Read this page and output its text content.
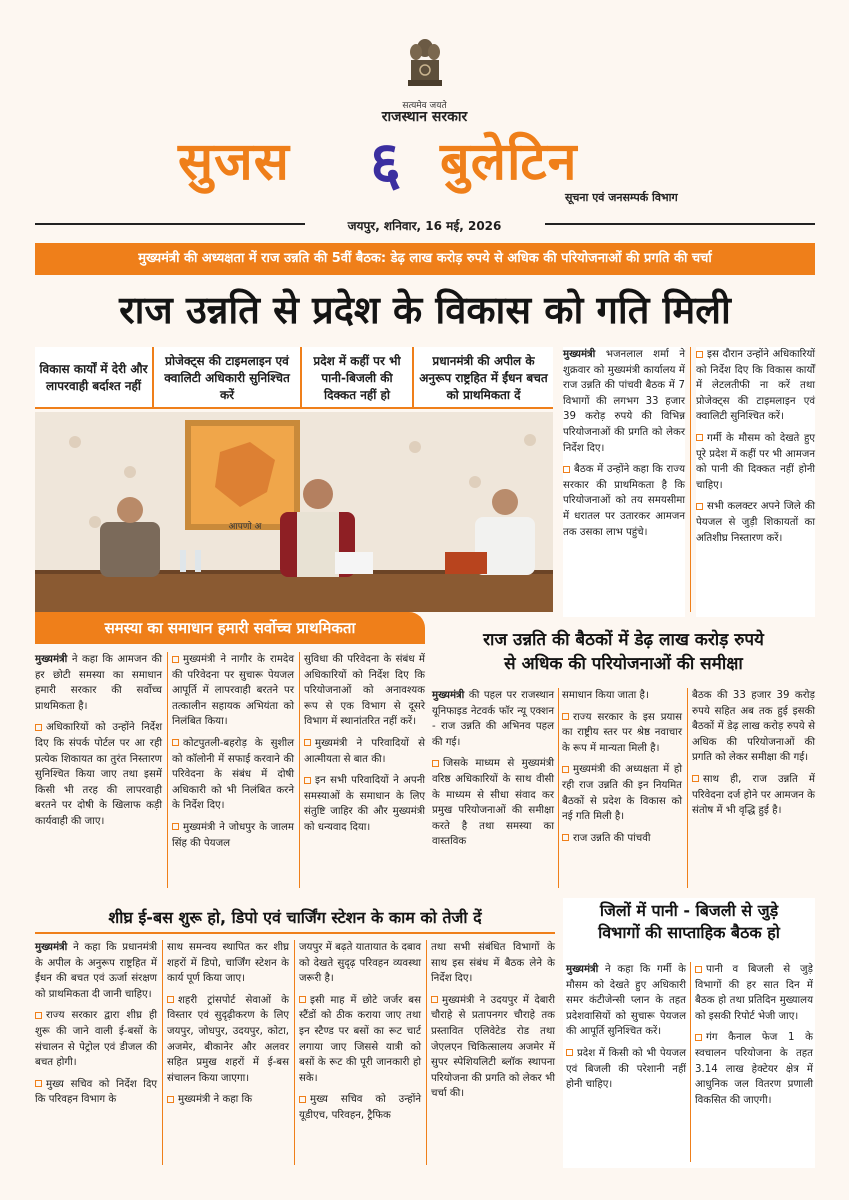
सत्यमेव जयते
राजस्थान सरकार
सुजस ६ बुलेटिन
सूचना एवं जनसम्पर्क विभाग
जयपुर, शनिवार, 16 मई, 2026
मुख्यमंत्री की अध्यक्षता में राज उन्नति की 5वीं बैठक: डेढ़ लाख करोड़ रुपये से अधिक की परियोजनाओं की प्रगति की चर्चा
राज उन्नति से प्रदेश के विकास को गति मिली
विकास कार्यों में देरी और लापरवाही बर्दाश्त नहीं
प्रोजेक्ट्स की टाइमलाइन एवं क्वालिटी अधिकारी सुनिश्चित करें
प्रदेश में कहीं पर भी पानी-बिजली की दिक्कत नहीं हो
प्रधानमंत्री की अपील के अनुरूप राष्ट्रहित में ईंधन बचत को प्राथमिकता दें
आपणो अ

मुख्यमंत्री भजनलाल शर्मा ने शुक्रवार को मुख्यमंत्री कार्यालय में राज उन्नति की पांचवी बैठक में 7 विभागों की लगभग 33 हजार 39 करोड़ रुपये की विभिन्न परियोजनाओं की प्रगति को लेकर निर्देश दिए।

बैठक में उन्होंने कहा कि राज्य सरकार की प्राथमिकता है कि परियोजनाओं को तय समयसीमा में धरातल पर उतारकर आमजन तक उसका लाभ पहुंचे।

इस दौरान उन्होंने अधिकारियों को निर्देश दिए कि विकास कार्यों में लेटलतीफी ना करें तथा प्रोजेक्ट्स की टाइमलाइन एवं क्वालिटी सुनिश्चित करें।

गर्मी के मौसम को देखते हुए पूरे प्रदेश में कहीं पर भी आमजन को पानी की दिक्कत नहीं होनी चाहिए।

सभी कलक्टर अपने जिले की पेयजल से जुड़ी शिकायतों का अतिशीघ्र निस्तारण करें।

समस्या का समाधान हमारी सर्वोच्च प्राथमिकता

मुख्यमंत्री ने कहा कि आमजन की हर छोटी समस्या का समाधान हमारी सरकार की सर्वोच्च प्राथमिकता है।

अधिकारियों को उन्होंने निर्देश दिए कि संपर्क पोर्टल पर आ रही प्रत्येक शिकायत का तुरंत निस्तारण सुनिश्चित किया जाए तथा इसमें किसी भी तरह की लापरवाही बरतने पर दोषी के खिलाफ कड़ी कार्यवाही की जाए।

मुख्यमंत्री ने नागौर के रामदेव की परिवेदना पर सुचारू पेयजल आपूर्ति में लापरवाही बरतने पर तत्कालीन सहायक अभियंता को निलंबित किया।

कोटपुतली-बहरोड़ के सुशील को कॉलोनी में सफाई करवाने की परिवेदना के संबंध में दोषी अधिकारी को भी निलंबित करने के निर्देश दिए।

मुख्यमंत्री ने जोधपुर के जालम सिंह की पेयजल

सुविधा की परिवेदना के संबंध में अधिकारियों को निर्देश दिए कि परियोजनाओं को अनावश्यक रूप से एक विभाग से दूसरे विभाग में स्थानांतरित नहीं करें।

मुख्यमंत्री ने परिवादियों से आत्मीयता से बात की।

इन सभी परिवादियों ने अपनी समस्याओं के समाधान के लिए संतुष्टि जाहिर की और मुख्यमंत्री को धन्यवाद दिया।

राज उन्नति की बैठकों में डेढ़ लाख करोड़ रुपये
से अधिक की परियोजनाओं की समीक्षा

मुख्यमंत्री की पहल पर राजस्थान यूनिफाइड नेटवर्क फॉर न्यू एक्शन - राज उन्नति की अभिनव पहल की गई।

जिसके माध्यम से मुख्यमंत्री वरिष्ठ अधिकारियों के साथ वीसी के माध्यम से सीधा संवाद कर प्रमुख परियोजनाओं की समीक्षा करते है तथा समस्या का वास्तविक

समाधान किया जाता है।

राज्य सरकार के इस प्रयास का राष्ट्रीय स्तर पर श्रेष्ठ नवाचार के रूप में मान्यता मिली है।

मुख्यमंत्री की अध्यक्षता में हो रही राज उन्नति की इन नियमित बैठकों से प्रदेश के विकास को नई गति मिली है।

राज उन्नति की पांचवी

बैठक की 33 हजार 39 करोड़ रुपये सहित अब तक हुई इसकी बैठकों में डेढ़ लाख करोड़ रुपये से अधिक की परियोजनाओं की प्रगति को लेकर समीक्षा की गई।

साथ ही, राज उन्नति में परिवेदना दर्ज होने पर आमजन के संतोष में भी वृद्धि हुई है।

शीघ्र ई-बस शुरू हो, डिपो एवं चार्जिंग स्टेशन के काम को तेजी दें

मुख्यमंत्री ने कहा कि प्रधानमंत्री के अपील के अनुरूप राष्ट्रहित में ईंधन की बचत एवं ऊर्जा संरक्षण को प्राथमिकता दी जानी चाहिए।

राज्य सरकार द्वारा शीघ्र ही शुरू की जाने वाली ई-बसों के संचालन से पेट्रोल एवं डीजल की बचत होगी।

मुख्य सचिव को निर्देश दिए कि परिवहन विभाग के

साथ समन्वय स्थापित कर शीघ्र शहरों में डिपो, चार्जिंग स्टेशन के कार्य पूर्ण किया जाए।

शहरी ट्रांसपोर्ट सेवाओं के विस्तार एवं सुदृढ़ीकरण के लिए जयपुर, जोधपुर, उदयपुर, कोटा, अजमेर, बीकानेर और अलवर सहित प्रमुख शहरों में ई-बस संचालन किया जाएगा।

मुख्यमंत्री ने कहा कि

जयपुर में बढ़ते यातायात के दबाव को देखते सुदृढ़ परिवहन व्यवस्था जरूरी है।

इसी माह में छोटे जर्जर बस स्टैंडों को ठीक कराया जाए तथा इन स्टैण्ड पर बसों का रूट चार्ट लगाया जाए जिससे यात्री को बसों के रूट की पूरी जानकारी हो सके।

मुख्य सचिव को उन्होंने यूडीएच, परिवहन, ट्रैफिक

तथा सभी संबंधित विभागों के साथ इस संबंध में बैठक लेने के निर्देश दिए।

मुख्यमंत्री ने उदयपुर में देबारी चौराहे से प्रतापनगर चौराहे तक प्रस्तावित एलिवेटेड रोड तथा जेएलएन चिकित्सालय अजमेर में सुपर स्पेशियलिटी ब्लॉक स्थापना परियोजना की प्रगति को लेकर भी चर्चा की।

जिलों में पानी - बिजली से जुड़े
विभागों की साप्ताहिक बैठक हो

मुख्यमंत्री ने कहा कि गर्मी के मौसम को देखते हुए अधिकारी समर कंटीजेन्सी प्लान के तहत प्रदेशवासियों को सुचारू पेयजल की आपूर्ति सुनिश्चित करें।

प्रदेश में किसी को भी पेयजल एवं बिजली की परेशानी नहीं होनी चाहिए।

पानी व बिजली से जुड़े विभागों की हर सात दिन में बैठक हो तथा प्रतिदिन मुख्यालय को इसकी रिपोर्ट भेजी जाए।

गंग कैनाल फेज 1 के स्वचालन परियोजना के तहत 3.14 लाख हेक्टेयर क्षेत्र में आधुनिक जल वितरण प्रणाली विकसित की जाएगी।
